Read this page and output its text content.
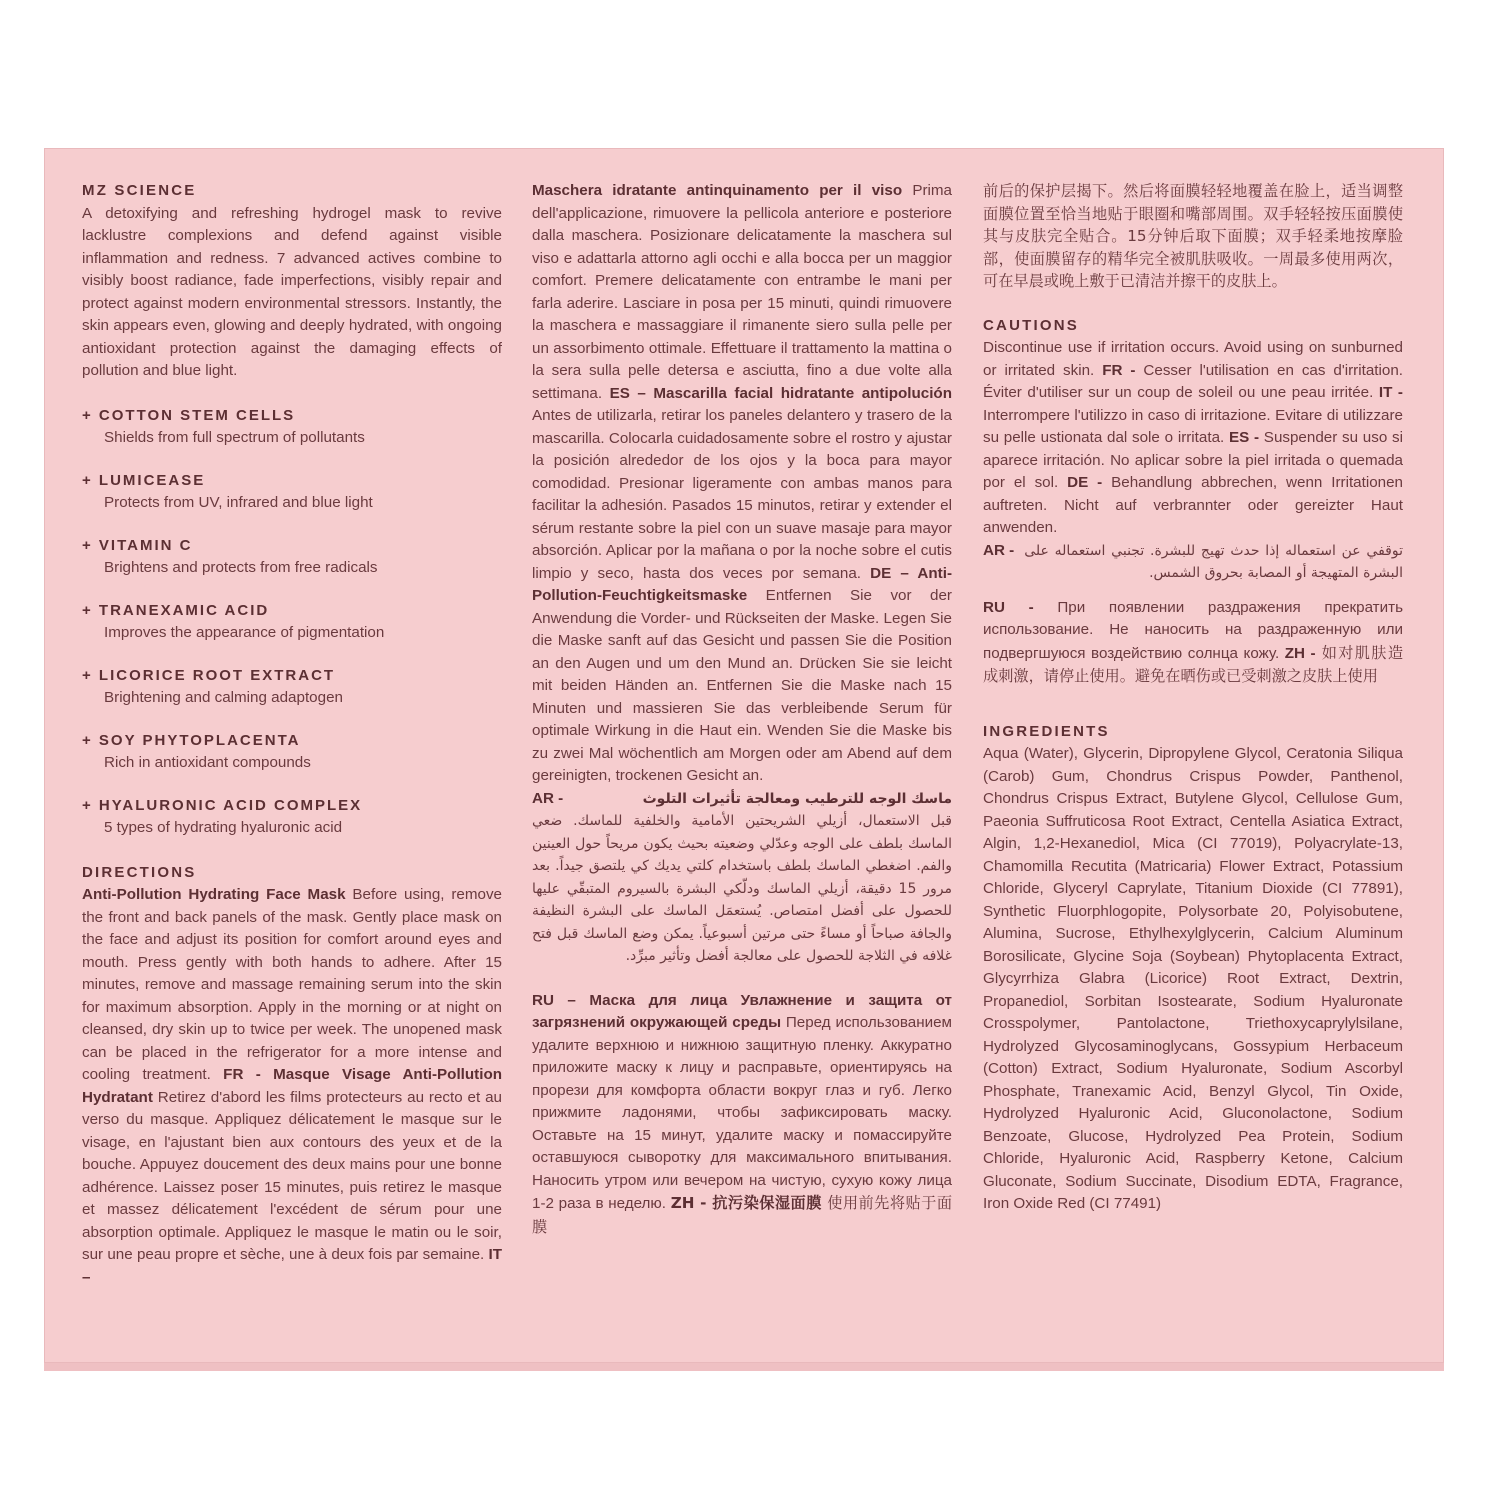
MZ SCIENCE

A detoxifying and refreshing hydrogel mask to revive lacklustre complexions and defend against visible inflammation and redness. 7 advanced actives combine to visibly boost radiance, fade imperfections, visibly repair and protect against modern environmental stressors. Instantly, the skin appears even, glowing and deeply hydrated, with ongoing antioxidant protection against the damaging effects of pollution and blue light.

+ COTTON STEM CELLS
Shields from full spectrum of pollutants
+ LUMICEASE
Protects from UV, infrared and blue light
+ VITAMIN C
Brightens and protects from free radicals
+ TRANEXAMIC ACID
Improves the appearance of pigmentation
+ LICORICE ROOT EXTRACT
Brightening and calming adaptogen
+ SOY PHYTOPLACENTA
Rich in antioxidant compounds
+ HYALURONIC ACID COMPLEX
5 types of hydrating hyaluronic acid

DIRECTIONS

Anti-Pollution Hydrating Face Mask Before using, remove the front and back panels of the mask. Gently place mask on the face and adjust its position for comfort around eyes and mouth. Press gently with both hands to adhere. After 15 minutes, remove and massage remaining serum into the skin for maximum absorption. Apply in the morning or at night on cleansed, dry skin up to twice per week. The unopened mask can be placed in the refrigerator for a more intense and cooling treatment. FR - Masque Visage Anti-Pollution Hydratant Retirez d'abord les films protecteurs au recto et au verso du masque. Appliquez délicatement le masque sur le visage, en l'ajustant bien aux contours des yeux et de la bouche. Appuyez doucement des deux mains pour une bonne adhérence. Laissez poser 15 minutes, puis retirez le masque et massez délicatement l'excédent de sérum pour une absorption optimale. Appliquez le masque le matin ou le soir, sur une peau propre et sèche, une à deux fois par semaine. IT –

Maschera idratante antinquinamento per il viso Prima dell'applicazione, rimuovere la pellicola anteriore e posteriore dalla maschera. Posizionare delicatamente la maschera sul viso e adattarla attorno agli occhi e alla bocca per un maggior comfort. Premere delicatamente con entrambe le mani per farla aderire. Lasciare in posa per 15 minuti, quindi rimuovere la maschera e massaggiare il rimanente siero sulla pelle per un assorbimento ottimale. Effettuare il trattamento la mattina o la sera sulla pelle detersa e asciutta, fino a due volte alla settimana. ES – Mascarilla facial hidratante antipolución Antes de utilizarla, retirar los paneles delantero y trasero de la mascarilla. Colocarla cuidadosamente sobre el rostro y ajustar la posición alrededor de los ojos y la boca para mayor comodidad. Presionar ligeramente con ambas manos para facilitar la adhesión. Pasados 15 minutos, retirar y extender el sérum restante sobre la piel con un suave masaje para mayor absorción. Aplicar por la mañana o por la noche sobre el cutis limpio y seco, hasta dos veces por semana. DE – Anti-Pollution-Feuchtigkeitsmaske Entfernen Sie vor der Anwendung die Vorder- und Rückseiten der Maske. Legen Sie die Maske sanft auf das Gesicht und passen Sie die Position an den Augen und um den Mund an. Drücken Sie sie leicht mit beiden Händen an. Entfernen Sie die Maske nach 15 Minuten und massieren Sie das verbleibende Serum für optimale Wirkung in die Haut ein. Wenden Sie die Maske bis zu zwei Mal wöchentlich am Morgen oder am Abend auf dem gereinigten, trockenen Gesicht an.

AR -	ماسك الوجه للترطيب ومعالجة تأثيرات التلوث

قبل الاستعمال، أزيلي الشريحتين الأمامية والخلفية للماسك. ضعي الماسك بلطف على الوجه وعدّلي وضعيته بحيث يكون مريحاً حول العينين والفم. اضغطي الماسك بلطف باستخدام كلتي يديك كي يلتصق جيداً. بعد مرور 15 دقيقة، أزيلي الماسك ودلّكي البشرة بالسيروم المتبقّي عليها للحصول على أفضل امتصاص. يُستعمَل الماسك على البشرة النظيفة والجافة صباحاً أو مساءً حتى مرتين أسبوعياً. يمكن وضع الماسك قبل فتح غلافه في الثلاجة للحصول على معالجة أفضل وتأثير مبرِّد.

RU – Маска для лица Увлажнение и защита от загрязнений окружающей среды Перед использованием удалите верхнюю и нижнюю защитную пленку. Аккуратно приложите маску к лицу и расправьте, ориентируясь на прорези для комфорта области вокруг глаз и губ. Легко прижмите ладонями, чтобы зафиксировать маску. Оставьте на 15 минут, удалите маску и помассируйте оставшуюся сыворотку для максимального впитывания. Наносить утром или вечером на чистую, сухую кожу лица 1-2 раза в неделю. ZH - 抗污染保湿面膜 使用前先将贴于面膜

前后的保护层揭下。然后将面膜轻轻地覆盖在脸上，适当调整面膜位置至恰当地贴于眼圈和嘴部周围。双手轻轻按压面膜使其与皮肤完全贴合。15分钟后取下面膜；双手轻柔地按摩脸部，使面膜留存的精华完全被肌肤吸收。一周最多使用两次，可在早晨或晚上敷于已清洁并擦干的皮肤上。

CAUTIONS

Discontinue use if irritation occurs. Avoid using on sunburned or irritated skin. FR - Cesser l'utilisation en cas d'irritation. Éviter d'utiliser sur un coup de soleil ou une peau irritée. IT - Interrompere l'utilizzo in caso di irritazione. Evitare di utilizzare su pelle ustionata dal sole o irritata. ES - Suspender su uso si aparece irritación. No aplicar sobre la piel irritada o quemada por el sol. DE - Behandlung abbrechen, wenn Irritationen auftreten. Nicht auf verbrannter oder gereizter Haut anwenden.

AR - توقفي عن استعماله إذا حدث تهيج للبشرة. تجنبي استعماله على البشرة المتهيجة أو المصابة بحروق الشمس.

RU - При появлении раздражения прекратить использование. Не наносить на раздраженную или подвергшуюся воздействию солнца кожу. ZH - 如对肌肤造成刺激，请停止使用。避免在晒伤或已受刺激之皮肤上使用

INGREDIENTS

Aqua (Water), Glycerin, Dipropylene Glycol, Ceratonia Siliqua (Carob) Gum, Chondrus Crispus Powder, Panthenol, Chondrus Crispus Extract, Butylene Glycol, Cellulose Gum, Paeonia Suffruticosa Root Extract, Centella Asiatica Extract, Algin, 1,2-Hexanediol, Mica (CI 77019), Polyacrylate-13, Chamomilla Recutita (Matricaria) Flower Extract, Potassium Chloride, Glyceryl Caprylate, Titanium Dioxide (CI 77891), Synthetic Fluorphlogopite, Polysorbate 20, Polyisobutene, Alumina, Sucrose, Ethylhexylglycerin, Calcium Aluminum Borosilicate, Glycine Soja (Soybean) Phytoplacenta Extract, Glycyrrhiza Glabra (Licorice) Root Extract, Dextrin, Propanediol, Sorbitan Isostearate, Sodium Hyaluronate Crosspolymer, Pantolactone, Triethoxycaprylylsilane, Hydrolyzed Glycosaminoglycans, Gossypium Herbaceum (Cotton) Extract, Sodium Hyaluronate, Sodium Ascorbyl Phosphate, Tranexamic Acid, Benzyl Glycol, Tin Oxide, Hydrolyzed Hyaluronic Acid, Gluconolactone, Sodium Benzoate, Glucose, Hydrolyzed Pea Protein, Sodium Chloride, Hyaluronic Acid, Raspberry Ketone, Calcium Gluconate, Sodium Succinate, Disodium EDTA, Fragrance, Iron Oxide Red (CI 77491)
